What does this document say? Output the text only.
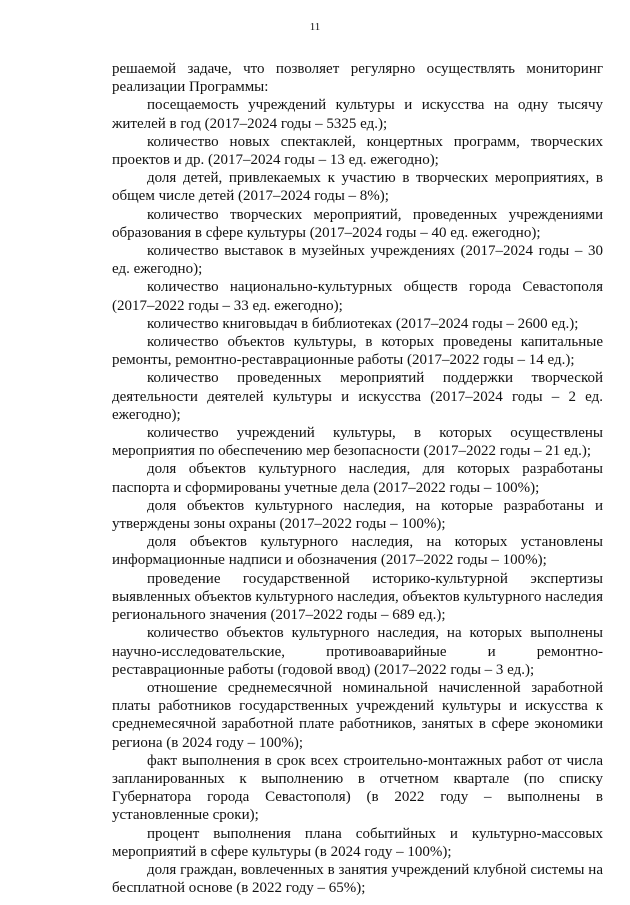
11

решаемой задаче, что позволяет регулярно осуществлять мониторинг реализации Программы:

посещаемость учреждений культуры и искусства на одну тысячу жителей в год (2017–2024 годы – 5325 ед.);

количество новых спектаклей, концертных программ, творческих проектов и др. (2017–2024 годы – 13 ед. ежегодно);

доля детей, привлекаемых к участию в творческих мероприятиях, в общем числе детей (2017–2024 годы – 8%);

количество творческих мероприятий, проведенных учреждениями образования в сфере культуры (2017–2024 годы – 40 ед. ежегодно);

количество выставок в музейных учреждениях (2017–2024 годы – 30 ед. ежегодно);

количество национально-культурных обществ города Севастополя (2017–2022 годы – 33 ед. ежегодно);

количество книговыдач в библиотеках (2017–2024 годы – 2600 ед.);

количество объектов культуры, в которых проведены капитальные ремонты, ремонтно-реставрационные работы (2017–2022 годы – 14 ед.);

количество проведенных мероприятий поддержки творческой деятельности деятелей культуры и искусства (2017–2024 годы – 2 ед. ежегодно);

количество учреждений культуры, в которых осуществлены мероприятия по обеспечению мер безопасности (2017–2022 годы – 21 ед.);

доля объектов культурного наследия, для которых разработаны паспорта и сформированы учетные дела (2017–2022 годы – 100%);

доля объектов культурного наследия, на которые разработаны и утверждены зоны охраны (2017–2022 годы – 100%);

доля объектов культурного наследия, на которых установлены информационные надписи и обозначения (2017–2022 годы – 100%);

проведение государственной историко-культурной экспертизы выявленных объектов культурного наследия, объектов культурного наследия регионального значения (2017–2022 годы – 689 ед.);

количество объектов культурного наследия, на которых выполнены научно-исследовательские, противоаварийные и ремонтно-реставрационные работы (годовой ввод) (2017–2022 годы – 3 ед.);

отношение среднемесячной номинальной начисленной заработной платы работников государственных учреждений культуры и искусства к среднемесячной заработной плате работников, занятых в сфере экономики региона (в 2024 году – 100%);

факт выполнения в срок всех строительно-монтажных работ от числа запланированных к выполнению в отчетном квартале (по списку Губернатора города Севастополя) (в 2022 году – выполнены в установленные сроки);

процент выполнения плана событийных и культурно-массовых мероприятий в сфере культуры (в 2024 году – 100%);

доля граждан, вовлеченных в занятия учреждений клубной системы на бесплатной основе (в 2022 году – 65%);
